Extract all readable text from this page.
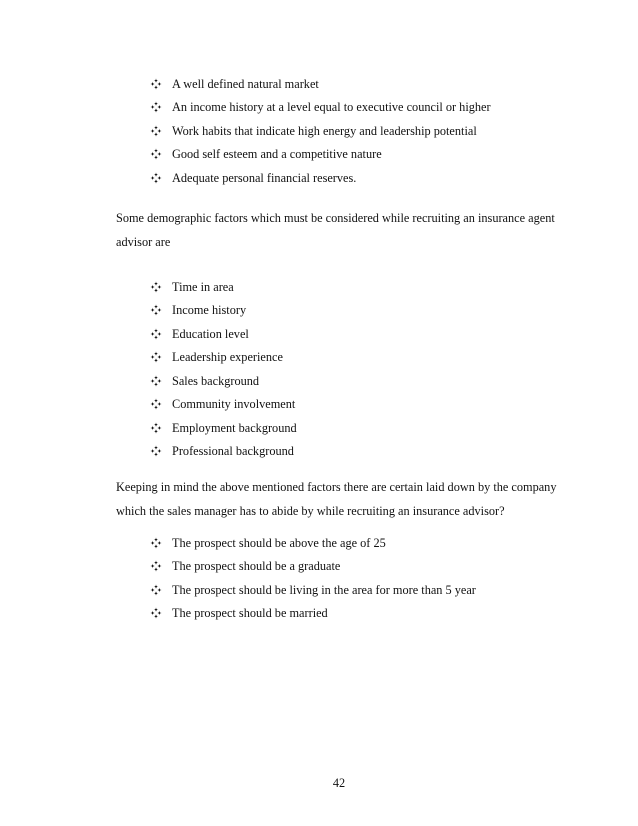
A well defined natural market
An income history at a level equal to executive council or higher
Work habits that indicate high energy and leadership potential
Good self esteem and a competitive nature
Adequate personal financial reserves.

Some demographic factors which must be considered while recruiting an insurance agent advisor are

Time in area
Income history
Education level
Leadership experience
Sales background
Community involvement
Employment background
Professional background

Keeping in mind the above mentioned factors there are certain laid down by the company which the sales manager has to abide by while recruiting an insurance advisor?

The prospect should be above the age of 25
The prospect should be a graduate
The prospect should be living in the area for more than 5 year
The prospect should be married
42
